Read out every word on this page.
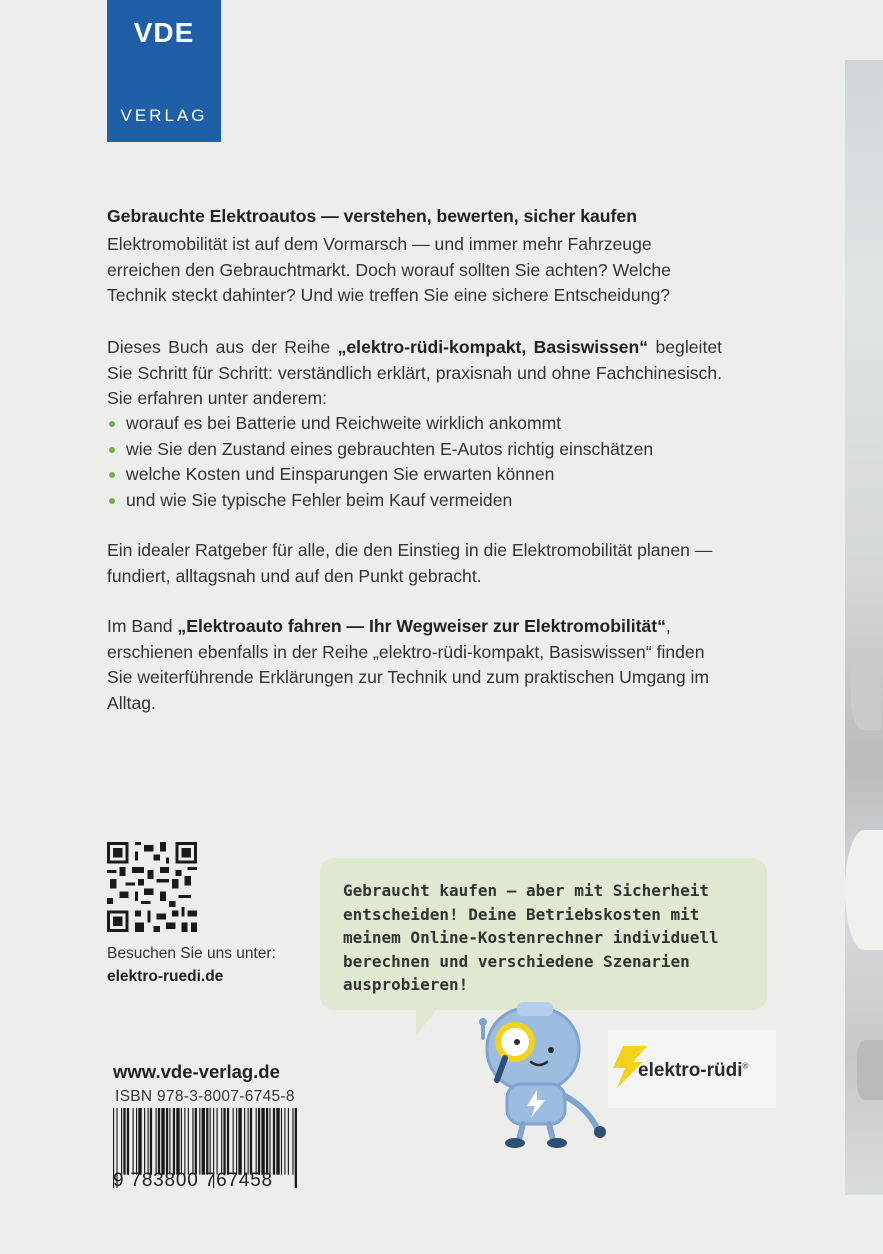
VDE
VERLAG
Gebrauchte Elektroautos — verstehen, bewerten, sicher kaufen
Elektromobilität ist auf dem Vormarsch — und immer mehr Fahrzeuge erreichen den Gebrauchtmarkt. Doch worauf sollten Sie achten? Welche Technik steckt dahinter? Und wie treffen Sie eine sichere Entscheidung?
Dieses Buch aus der Reihe „elektro-rüdi-kompakt, Basiswissen“ begleitet Sie Schritt für Schritt: verständlich erklärt, praxisnah und ohne Fachchinesisch. Sie erfahren unter anderem:
worauf es bei Batterie und Reichweite wirklich ankommt
wie Sie den Zustand eines gebrauchten E-Autos richtig einschätzen
welche Kosten und Einsparungen Sie erwarten können
und wie Sie typische Fehler beim Kauf vermeiden
Ein idealer Ratgeber für alle, die den Einstieg in die Elektromobilität planen — fundiert, alltagsnah und auf den Punkt gebracht.
Im Band „Elektroauto fahren — Ihr Wegweiser zur Elektromobilität“, erschienen ebenfalls in der Reihe „elektro-rüdi-kompakt, Basiswissen“ finden Sie weiterführende Erklärungen zur Technik und zum praktischen Umgang im Alltag.
Besuchen Sie uns unter:
elektro-ruedi.de
Gebraucht kaufen – aber mit Sicherheit entscheiden! Deine Betriebskosten mit meinem Online-Kostenrechner individuell berechnen und verschiedene Szenarien ausprobieren!
elektro-rüdi®
www.vde-verlag.de
ISBN 978-3-8007-6745-8
9 783800 767458
